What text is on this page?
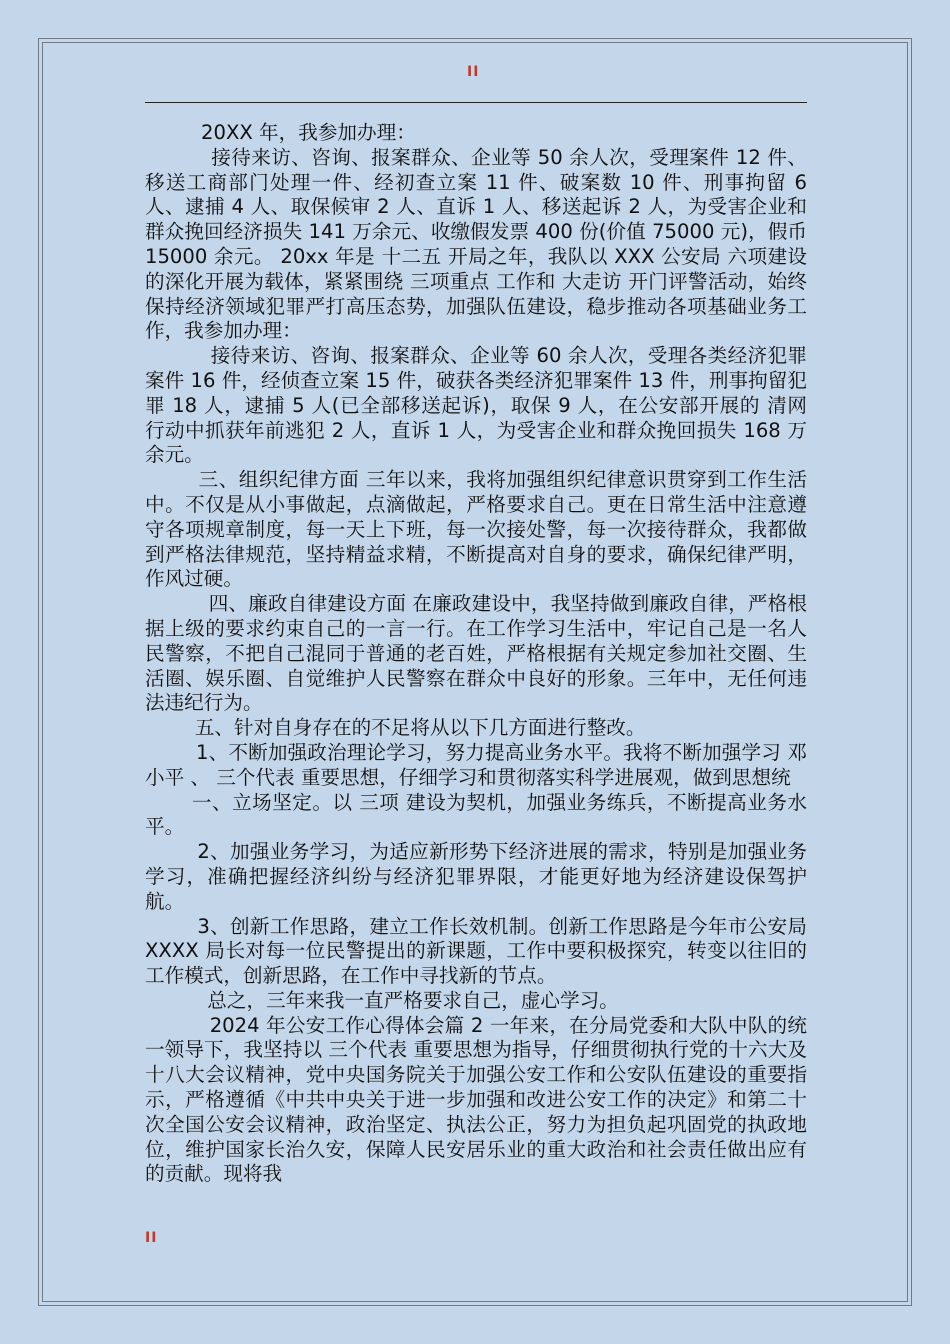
II

20XX 年，我参加办理：

接待来访、咨询、报案群众、企业等 50 余人次，受理案件 12 件、移送工商部门处理一件、经初查立案 11 件、破案数 10 件、刑事拘留 6 人、逮捕 4 人、取保候审 2 人、直诉 1 人、移送起诉 2 人，为受害企业和群众挽回经济损失 141 万余元、收缴假发票 400 份(价值 75000 元)，假币 15000 余元。 20xx 年是 十二五 开局之年，我队以 XXX 公安局 六项建设 的深化开展为载体，紧紧围绕 三项重点 工作和 大走访 开门评警活动，始终保持经济领域犯罪严打高压态势，加强队伍建设，稳步推动各项基础业务工作，我参加办理：

接待来访、咨询、报案群众、企业等 60 余人次，受理各类经济犯罪案件 16 件，经侦查立案 15 件，破获各类经济犯罪案件 13 件，刑事拘留犯罪 18 人，逮捕 5 人(已全部移送起诉)，取保 9 人，在公安部开展的 清网 行动中抓获年前逃犯 2 人，直诉 1 人，为受害企业和群众挽回损失 168 万余元。

三、组织纪律方面 三年以来，我将加强组织纪律意识贯穿到工作生活中。不仅是从小事做起，点滴做起，严格要求自己。更在日常生活中注意遵守各项规章制度，每一天上下班，每一次接处警，每一次接待群众，我都做到严格法律规范，坚持精益求精，不断提高对自身的要求，确保纪律严明，作风过硬。

四、廉政自律建设方面 在廉政建设中，我坚持做到廉政自律，严格根据上级的要求约束自己的一言一行。在工作学习生活中，牢记自己是一名人民警察，不把自己混同于普通的老百姓，严格根据有关规定参加社交圈、生活圈、娱乐圈、自觉维护人民警察在群众中良好的形象。三年中，无任何违法违纪行为。

五、针对自身存在的不足将从以下几方面进行整改。

1、不断加强政治理论学习，努力提高业务水平。我将不断加强学习 邓小平 、 三个代表 重要思想，仔细学习和贯彻落实科学进展观，做到思想统

一、立场坚定。以 三项 建设为契机，加强业务练兵，不断提高业务水平。

2、加强业务学习，为适应新形势下经济进展的需求，特别是加强业务学习，准确把握经济纠纷与经济犯罪界限，才能更好地为经济建设保驾护航。

3、创新工作思路，建立工作长效机制。创新工作思路是今年市公安局 XXXX 局长对每一位民警提出的新课题，工作中要积极探究，转变以往旧的工作模式，创新思路，在工作中寻找新的节点。

总之，三年来我一直严格要求自己，虚心学习。

2024 年公安工作心得体会篇 2 一年来，在分局党委和大队中队的统一领导下，我坚持以 三个代表 重要思想为指导，仔细贯彻执行党的十六大及十八大会议精神，党中央国务院关于加强公安工作和公安队伍建设的重要指示，严格遵循《中共中央关于进一步加强和改进公安工作的决定》和第二十次全国公安会议精神，政治坚定、执法公正，努力为担负起巩固党的执政地位，维护国家长治久安，保障人民安居乐业的重大政治和社会责任做出应有的贡献。现将我

II
